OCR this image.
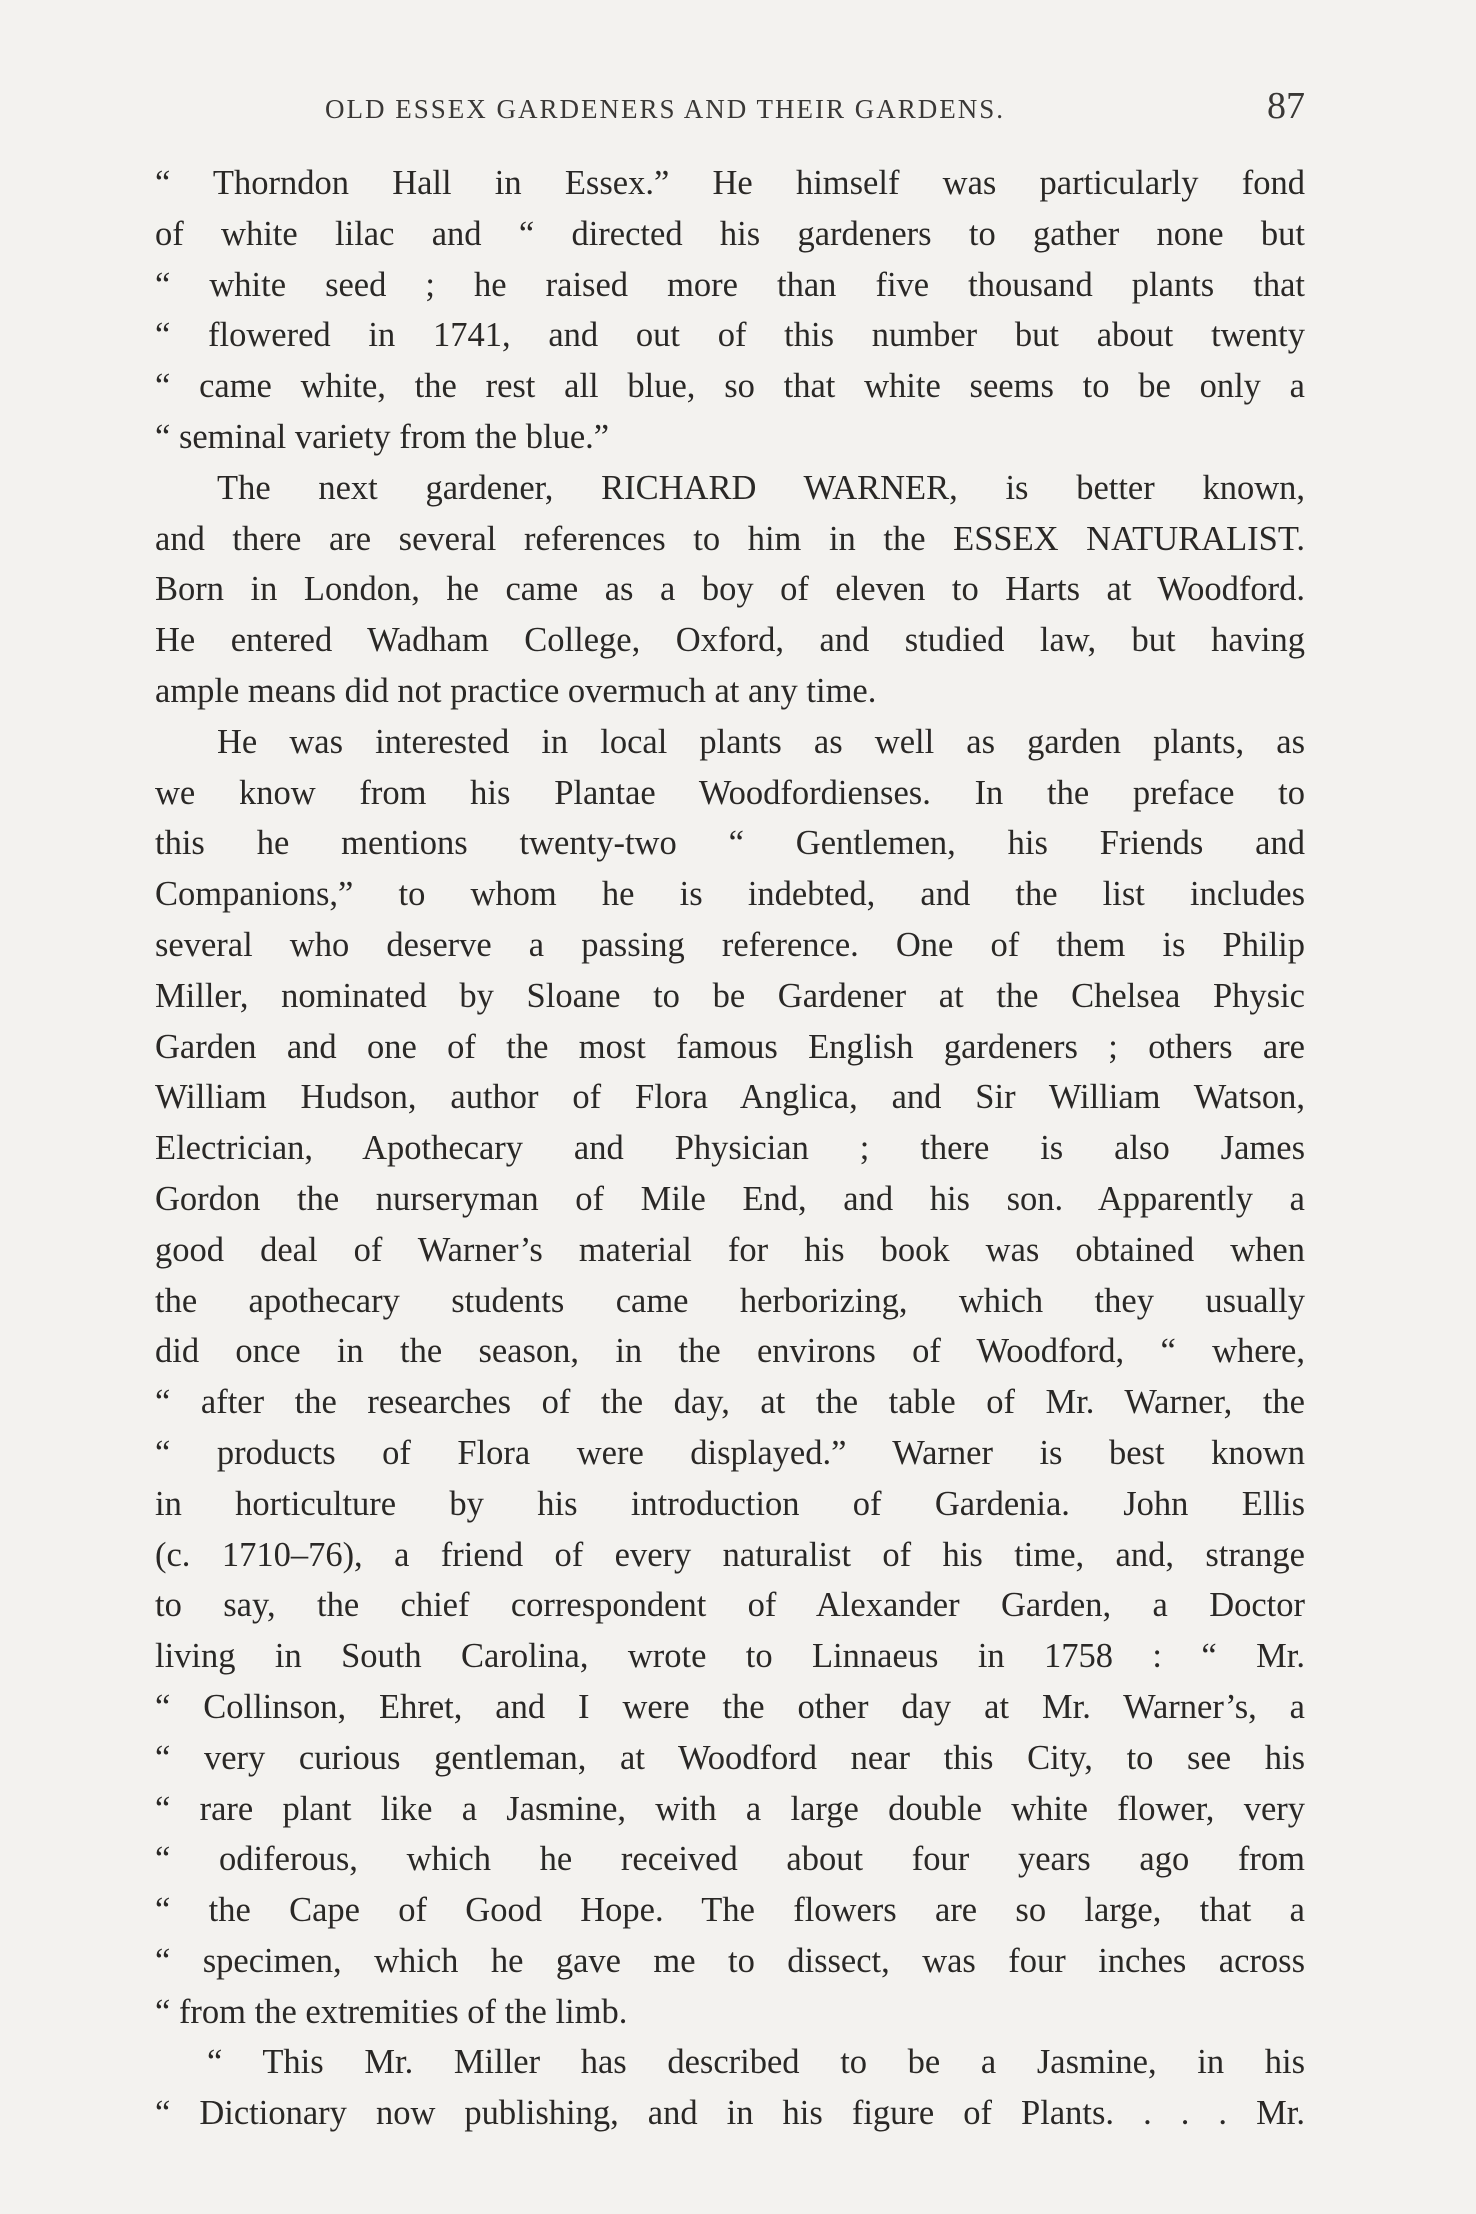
OLD ESSEX GARDENERS AND THEIR GARDENS.	87
“ Thorndon Hall in Essex.” He himself was particularly fond
of white lilac and “ directed his gardeners to gather none but
“ white seed ; he raised more than five thousand plants that
“ flowered in 1741, and out of this number but about twenty
“ came white, the rest all blue, so that white seems to be only a
“ seminal variety from the blue.”
The next gardener, RICHARD WARNER, is better known,
and there are several references to him in the ESSEX NATURALIST.
Born in London, he came as a boy of eleven to Harts at Woodford.
He entered Wadham College, Oxford, and studied law, but having
ample means did not practice overmuch at any time.
He was interested in local plants as well as garden plants, as
we know from his Plantae Woodfordienses. In the preface to
this he mentions twenty-two “ Gentlemen, his Friends and
Companions,” to whom he is indebted, and the list includes
several who deserve a passing reference. One of them is Philip
Miller, nominated by Sloane to be Gardener at the Chelsea Physic
Garden and one of the most famous English gardeners ; others are
William Hudson, author of Flora Anglica, and Sir William Watson,
Electrician, Apothecary and Physician ; there is also James
Gordon the nurseryman of Mile End, and his son. Apparently a
good deal of Warner’s material for his book was obtained when
the apothecary students came herborizing, which they usually
did once in the season, in the environs of Woodford, “ where,
“ after the researches of the day, at the table of Mr. Warner, the
“ products of Flora were displayed.” Warner is best known
in horticulture by his introduction of Gardenia. John Ellis
(c. 1710–76), a friend of every naturalist of his time, and, strange
to say, the chief correspondent of Alexander Garden, a Doctor
living in South Carolina, wrote to Linnaeus in 1758 : “ Mr.
“ Collinson, Ehret, and I were the other day at Mr. Warner’s, a
“ very curious gentleman, at Woodford near this City, to see his
“ rare plant like a Jasmine, with a large double white flower, very
“ odiferous, which he received about four years ago from
“ the Cape of Good Hope. The flowers are so large, that a
“ specimen, which he gave me to dissect, was four inches across
“ from the extremities of the limb.
“ This Mr. Miller has described to be a Jasmine, in his
“ Dictionary now publishing, and in his figure of Plants. . . . Mr.
